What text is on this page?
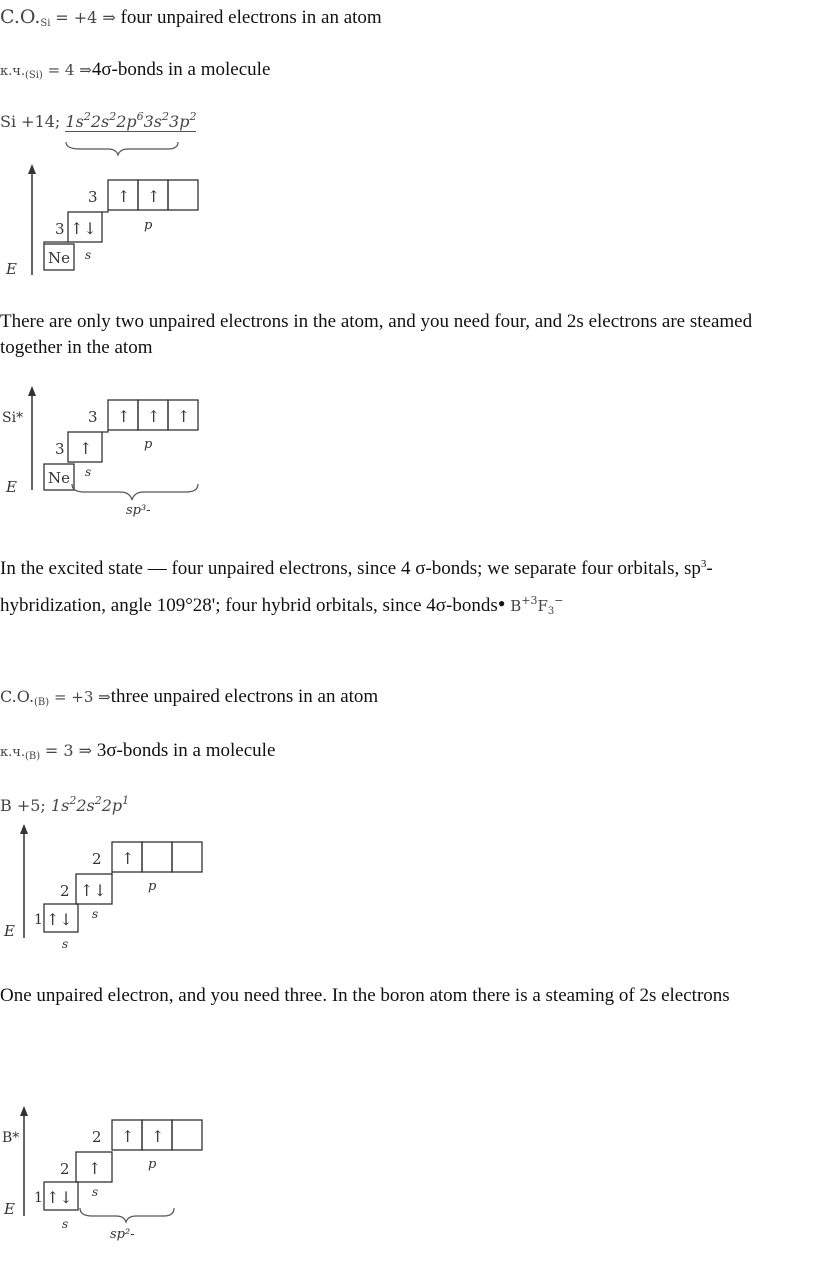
$C.O._{Si} = +4$ ⇒ four unpaired electrons in an atom
$к.ч._{(Si)} = 4$ ⇒4σ-bonds in a molecule
Si +14; $1s^22s^22p^63s^23p^2$
E
Ne
3 ↑↓
s
3 ↑ ↑
p
There are only two unpaired electrons in the atom, and you need four, and 2s electrons are steamed together in the atom
Si*
E Ne
3 ↑
s
3 ↑ ↑ ↑
p
sp³-
In the excited state — four unpaired electrons, since 4 σ-bonds; we separate four orbitals, $sp^3$-hybridization, angle 109°28'; four hybrid orbitals, since 4σ-bonds• $B^{+3}F_3^-$
$C.O._{(B)} = +3$ ⇒three unpaired electrons in an atom
$к.ч._{(B)} = 3$ ⇒ 3σ-bonds in a molecule
B +5; $1s^22s^22p^1$
E
1 ↑↓
s
2 ↑↓
s
2 ↑
p
One unpaired electron, and you need three. In the boron atom there is a steaming of 2s electrons
B*
E
1 ↑↓
s
2 ↑
s
2 ↑ ↑
p
sp²-
